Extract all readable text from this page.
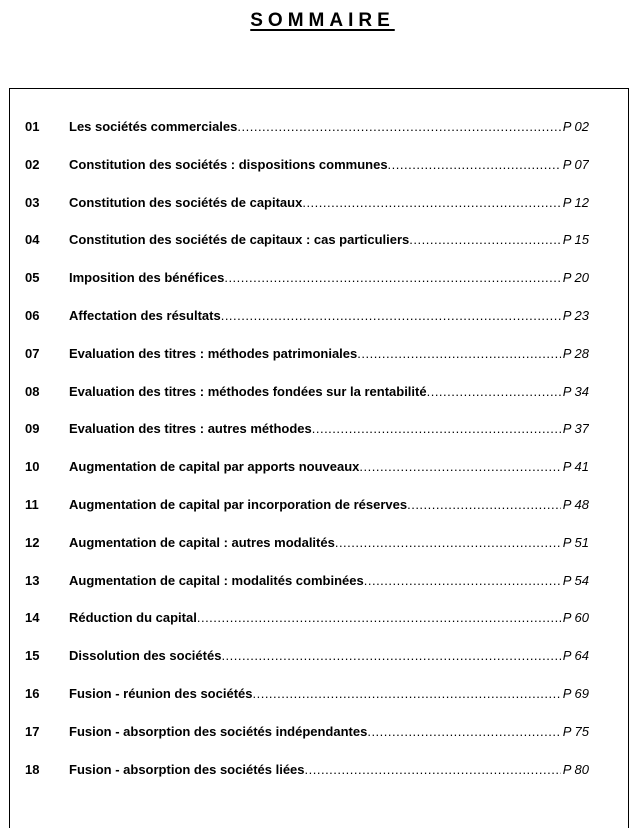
SOMMAIRE
01 Les sociétés commerciales .....	P 02
02 Constitution des sociétés : dispositions communes .....	P 07
03 Constitution des sociétés de capitaux .....	P 12
04 Constitution des sociétés de capitaux : cas particuliers .....	P 15
05 Imposition des bénéfices .....	P 20
06 Affectation des résultats .....	P 23
07 Evaluation des titres : méthodes patrimoniales .....	P 28
08 Evaluation des titres : méthodes fondées sur la rentabilité .....	P 34
09 Evaluation des titres : autres méthodes .....	P 37
10 Augmentation de capital par apports nouveaux .....	P 41
11 Augmentation de capital par incorporation de réserves .....	P 48
12 Augmentation de capital : autres modalités .....	P 51
13 Augmentation de capital : modalités combinées .....	P 54
14 Réduction du capital .....	P 60
15 Dissolution des sociétés .....	P 64
16 Fusion - réunion des sociétés .....	P 69
17 Fusion - absorption des sociétés indépendantes .....	P 75
18 Fusion - absorption des sociétés liées .....	P 80
